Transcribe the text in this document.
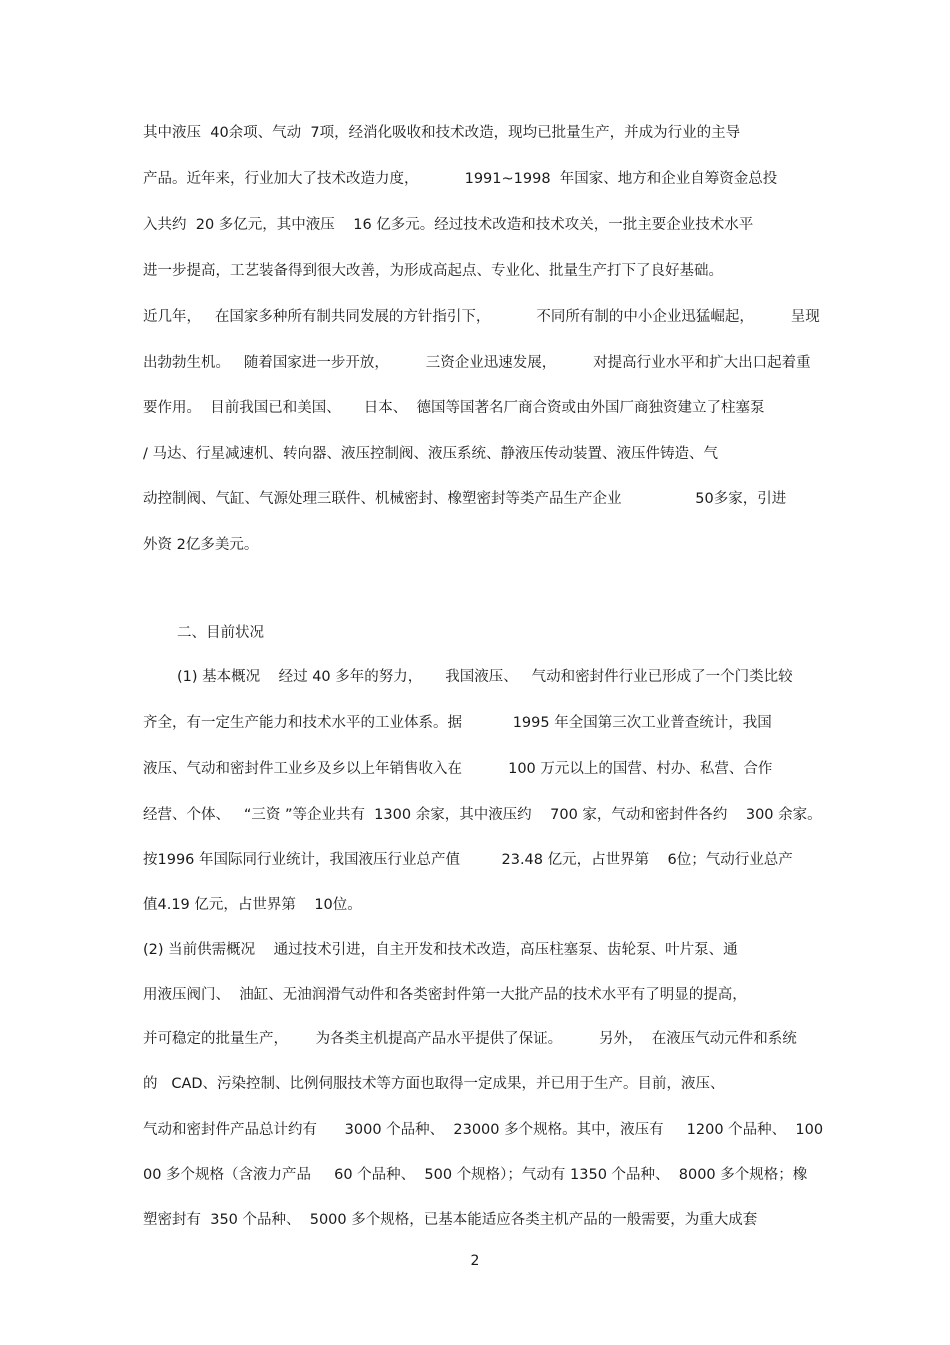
其中液压  40余项、气动  7项，经消化吸收和技术改造，现均已批量生产，并成为行业的主导
产品。近年来，行业加大了技术改造力度，          1991~1998  年国家、地方和企业自筹资金总投
入共约  20 多亿元，其中液压    16 亿多元。经过技术改造和技术攻关，一批主要企业技术水平
进一步提高，工艺装备得到很大改善，为形成高起点、专业化、批量生产打下了良好基础。
近几年，   在国家多种所有制共同发展的方针指引下，          不同所有制的中小企业迅猛崛起，        呈现
出勃勃生机。   随着国家进一步开放，        三资企业迅速发展，        对提高行业水平和扩大出口起着重
要作用。  目前我国已和美国、     日本、  德国等国著名厂商合资或由外国厂商独资建立了柱塞泵
/ 马达、行星减速机、转向器、液压控制阀、液压系统、静液压传动装置、液压件铸造、气
动控制阀、气缸、气源处理三联件、机械密封、橡塑密封等类产品生产企业                50多家，引进
外资 2亿多美元。
二、目前状况
(1) 基本概况    经过 40 多年的努力，     我国液压、   气动和密封件行业已形成了一个门类比较
齐全，有一定生产能力和技术水平的工业体系。据           1995 年全国第三次工业普查统计，我国
液压、气动和密封件工业乡及乡以上年销售收入在          100 万元以上的国营、村办、私营、合作
经营、个体、   “三资 ”等企业共有  1300 余家，其中液压约    700 家，气动和密封件各约    300 余家。
按1996 年国际同行业统计，我国液压行业总产值         23.48 亿元，占世界第    6位；气动行业总产
值4.19 亿元，占世界第    10位。
(2) 当前供需概况    通过技术引进，自主开发和技术改造，高压柱塞泵、齿轮泵、叶片泵、通
用液压阀门、  油缸、无油润滑气动件和各类密封件第一大批产品的技术水平有了明显的提高，
并可稳定的批量生产，      为各类主机提高产品水平提供了保证。        另外，  在液压气动元件和系统
的   CAD、污染控制、比例伺服技术等方面也取得一定成果，并已用于生产。目前，液压、
气动和密封件产品总计约有      3000 个品种、  23000 多个规格。其中，液压有     1200 个品种、  100
00 多个规格（含液力产品     60 个品种、  500 个规格）；气动有 1350 个品种、  8000 多个规格；橡
塑密封有  350 个品种、  5000 多个规格，已基本能适应各类主机产品的一般需要，为重大成套
2
